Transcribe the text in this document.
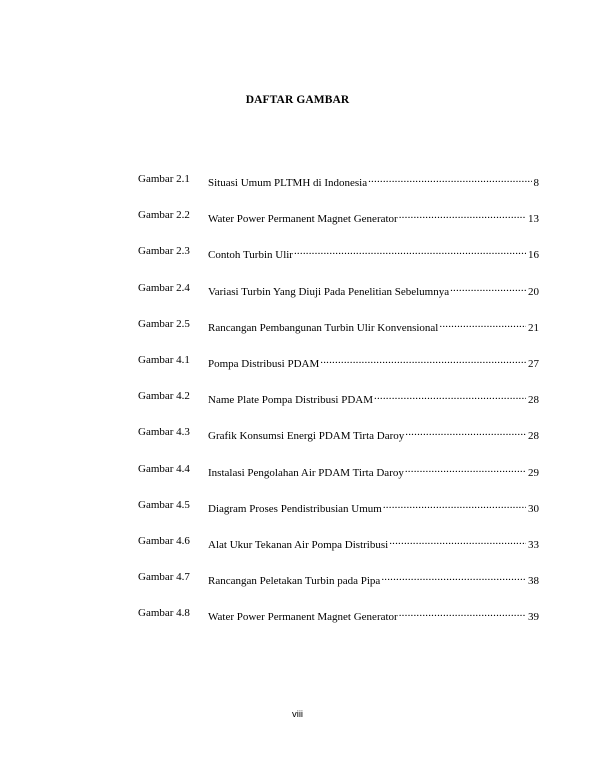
DAFTAR GAMBAR
Gambar 2.1 Situasi Umum PLTMH di Indonesia .....	8
Gambar 2.2 Water Power Permanent Magnet Generator .....	13
Gambar 2.3 Contoh Turbin Ulir .....	16
Gambar 2.4 Variasi Turbin Yang Diuji Pada Penelitian Sebelumnya .....	20
Gambar 2.5 Rancangan Pembangunan Turbin Ulir Konvensional .....	21
Gambar 4.1 Pompa Distribusi PDAM .....	27
Gambar 4.2 Name Plate Pompa Distribusi PDAM .....	28
Gambar 4.3 Grafik Konsumsi Energi PDAM Tirta Daroy .....	28
Gambar 4.4 Instalasi Pengolahan Air PDAM Tirta Daroy .....	29
Gambar 4.5 Diagram Proses Pendistribusian Umum .....	30
Gambar 4.6 Alat Ukur Tekanan Air Pompa Distribusi .....	33
Gambar 4.7 Rancangan Peletakan Turbin pada Pipa .....	38
Gambar 4.8 Water Power Permanent Magnet Generator .....	39
viii
